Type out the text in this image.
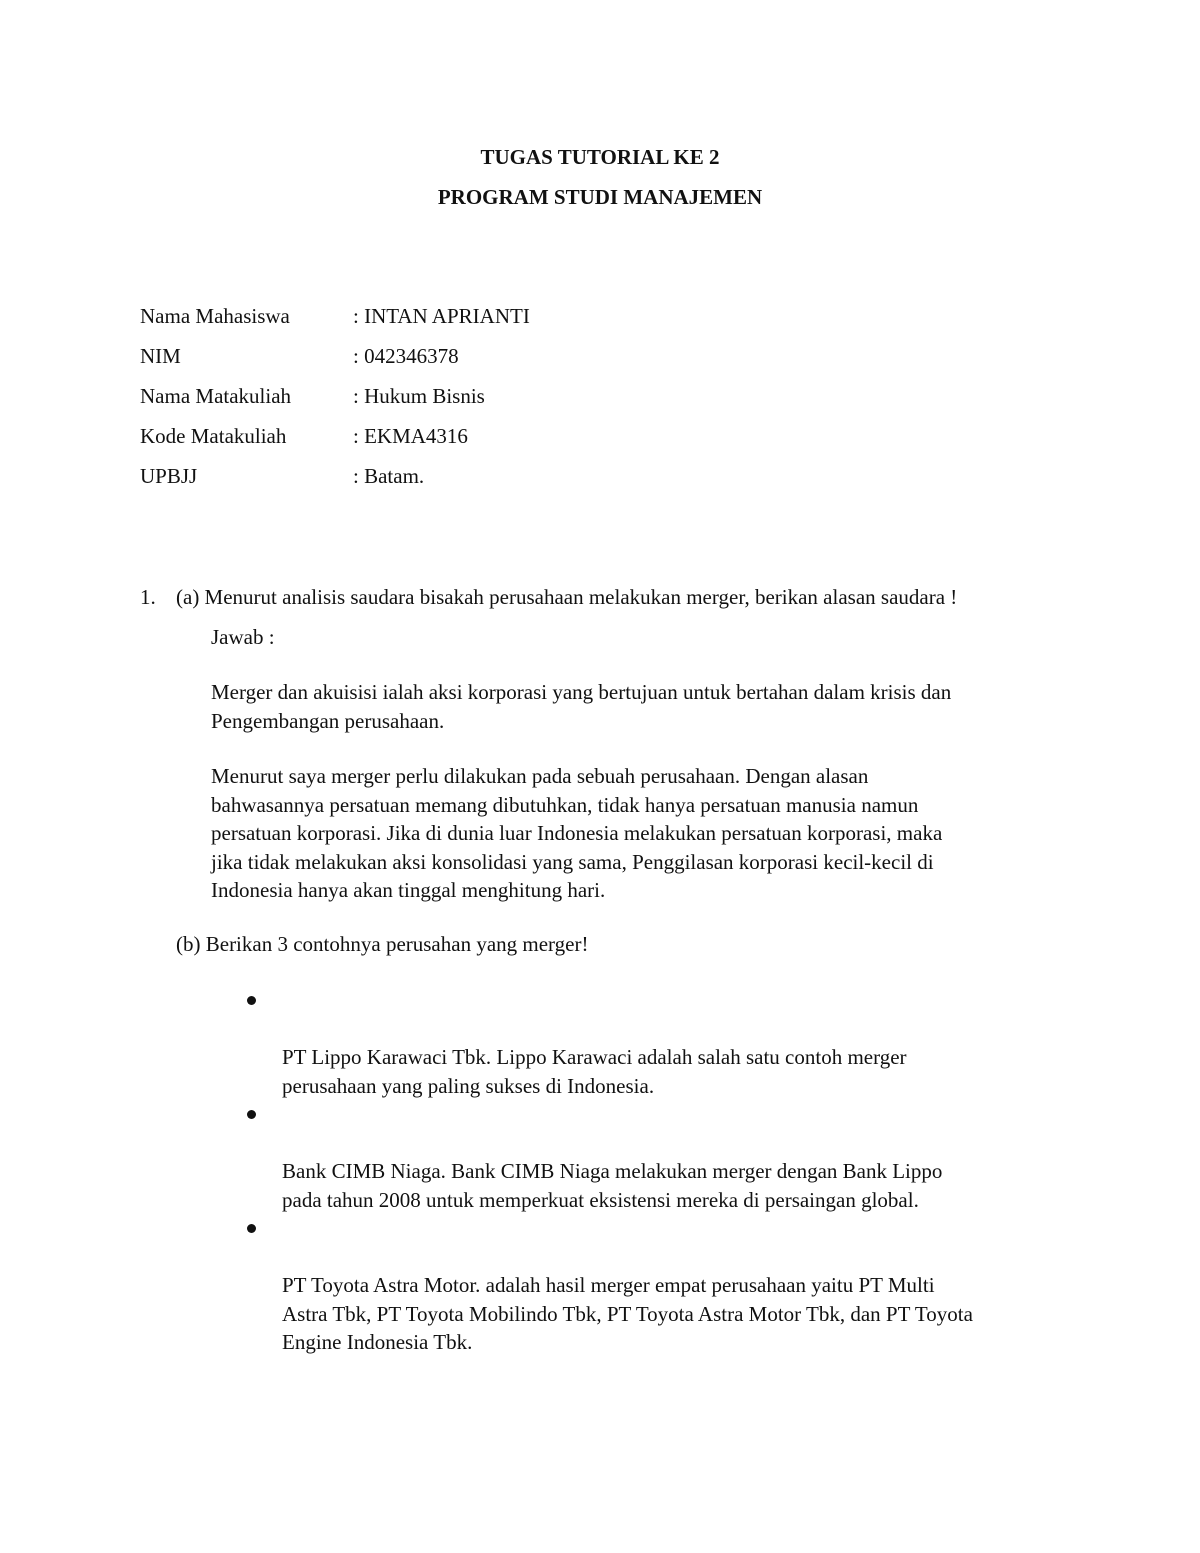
TUGAS TUTORIAL KE 2
PROGRAM STUDI MANAJEMEN
Nama Mahasiswa	: INTAN APRIANTI
NIM	: 042346378
Nama Matakuliah	: Hukum Bisnis
Kode Matakuliah	: EKMA4316
UPBJJ	: Batam.
1. (a) Menurut analisis saudara bisakah perusahaan melakukan merger, berikan alasan saudara !
Jawab :
Merger dan akuisisi ialah aksi korporasi yang bertujuan untuk bertahan dalam krisis dan
Pengembangan perusahaan.
Menurut saya merger perlu dilakukan pada sebuah perusahaan. Dengan alasan
bahwasannya persatuan memang dibutuhkan, tidak hanya persatuan manusia namun
persatuan korporasi. Jika di dunia luar Indonesia melakukan persatuan korporasi, maka
jika tidak melakukan aksi konsolidasi yang sama, Penggilasan korporasi kecil-kecil di
Indonesia hanya akan tinggal menghitung hari.
(b) Berikan 3 contohnya perusahan yang merger!

PT Lippo Karawaci Tbk. Lippo Karawaci adalah salah satu contoh merger
perusahaan yang paling sukses di Indonesia.

Bank CIMB Niaga. Bank CIMB Niaga melakukan merger dengan Bank Lippo
pada tahun 2008 untuk memperkuat eksistensi mereka di persaingan global.

PT Toyota Astra Motor. adalah hasil merger empat perusahaan yaitu PT Multi
Astra Tbk, PT Toyota Mobilindo Tbk, PT Toyota Astra Motor Tbk, dan PT Toyota
Engine Indonesia Tbk.
